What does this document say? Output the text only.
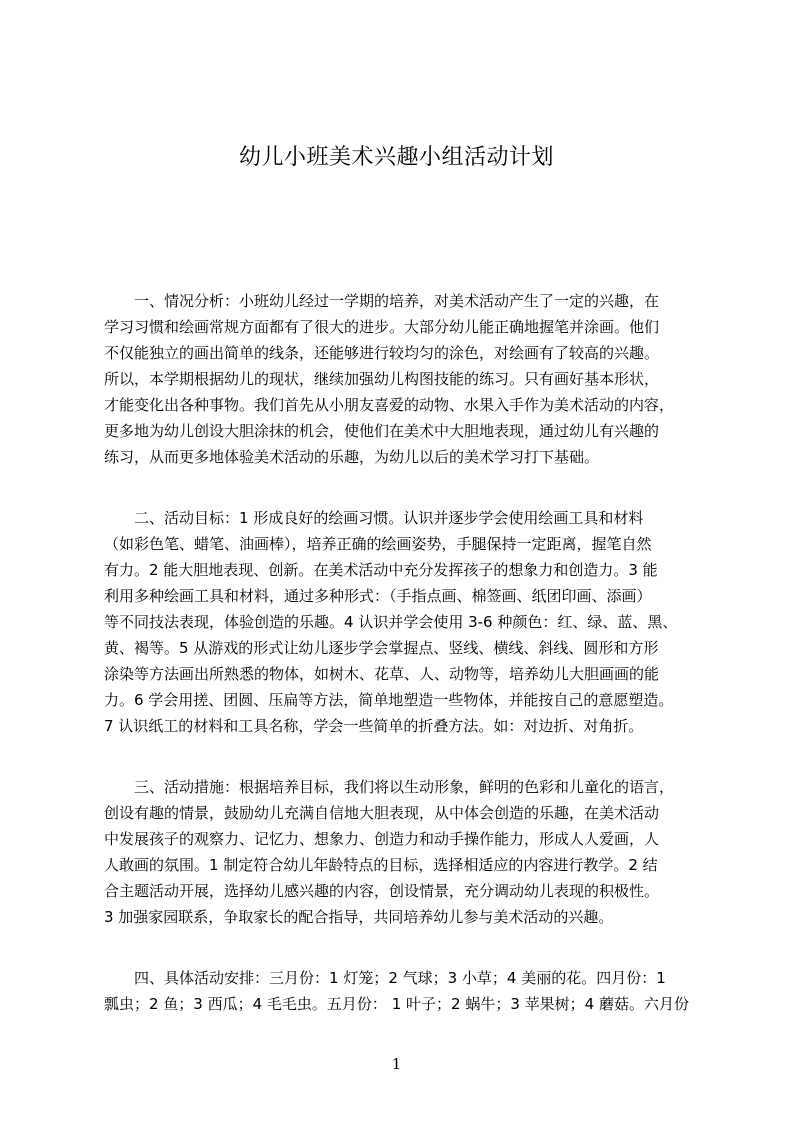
幼儿小班美术兴趣小组活动计划
　　一、情况分析：小班幼儿经过一学期的培养，对美术活动产生了一定的兴趣，在
学习习惯和绘画常规方面都有了很大的进步。大部分幼儿能正确地握笔并涂画。他们
不仅能独立的画出简单的线条，还能够进行较均匀的涂色，对绘画有了较高的兴趣。
所以，本学期根据幼儿的现状，继续加强幼儿构图技能的练习。只有画好基本形状，
才能变化出各种事物。我们首先从小朋友喜爱的动物、水果入手作为美术活动的内容，
更多地为幼儿创设大胆涂抹的机会，使他们在美术中大胆地表现，通过幼儿有兴趣的
练习，从而更多地体验美术活动的乐趣，为幼儿以后的美术学习打下基础。
　　二、活动目标：1 形成良好的绘画习惯。认识并逐步学会使用绘画工具和材料
（如彩色笔、蜡笔、油画棒），培养正确的绘画姿势，手腿保持一定距离，握笔自然
有力。2 能大胆地表现、创新。在美术活动中充分发挥孩子的想象力和创造力。3 能
利用多种绘画工具和材料，通过多种形式：（手指点画、棉签画、纸团印画、添画）
等不同技法表现，体验创造的乐趣。4 认识并学会使用 3-6 种颜色：红、绿、蓝、黑、
黄、褐等。5 从游戏的形式让幼儿逐步学会掌握点、竖线、横线、斜线、圆形和方形
涂染等方法画出所熟悉的物体，如树木、花草、人、动物等，培养幼儿大胆画画的能
力。6 学会用搓、团圆、压扁等方法，简单地塑造一些物体，并能按自己的意愿塑造。
7 认识纸工的材料和工具名称，学会一些简单的折叠方法。如：对边折、对角折。
　　三、活动措施：根据培养目标，我们将以生动形象，鲜明的色彩和儿童化的语言，
创设有趣的情景，鼓励幼儿充满自信地大胆表现，从中体会创造的乐趣，在美术活动
中发展孩子的观察力、记忆力、想象力、创造力和动手操作能力，形成人人爱画，人
人敢画的氛围。1 制定符合幼儿年龄特点的目标，选择相适应的内容进行教学。2 结
合主题活动开展，选择幼儿感兴趣的内容，创设情景，充分调动幼儿表现的积极性。
3 加强家园联系，争取家长的配合指导，共同培养幼儿参与美术活动的兴趣。
　　四、具体活动安排：三月份：1 灯笼；2 气球；3 小草；4 美丽的花。四月份：1
瓢虫；2 鱼；3 西瓜；4 毛毛虫。五月份： 1 叶子；2 蜗牛；3 苹果树；4 蘑菇。六月份
1
